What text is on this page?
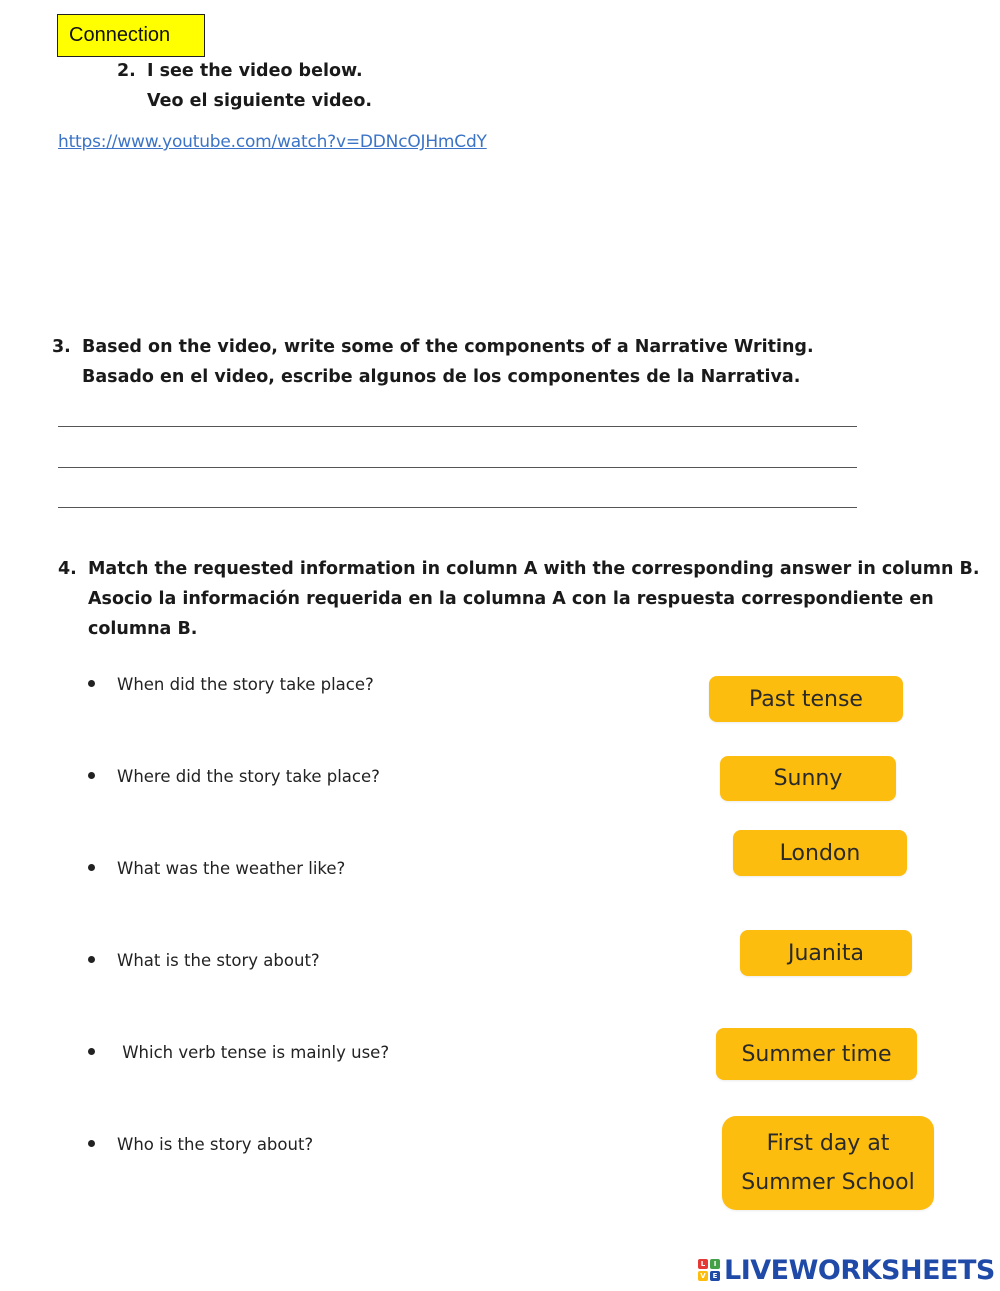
Connection
2. I see the video below.
Veo el siguiente video.
https://www.youtube.com/watch?v=DDNcOJHmCdY
3. Based on the video, write some of the components of a Narrative Writing.
Basado en el video, escribe algunos de los componentes de la Narrativa.
4. Match the requested information in column A with the corresponding answer in column B.
Asocio la información requerida en la columna A con la respuesta correspondiente en
columna B.
When did the story take place?
Where did the story take place?
What was the weather like?
What is the story about?
Which verb tense is mainly use?
Who is the story about?
Past tense
Sunny
London
Juanita
Summer time
First day at
Summer School
L	I
V E LIVEWORKSHEETS
